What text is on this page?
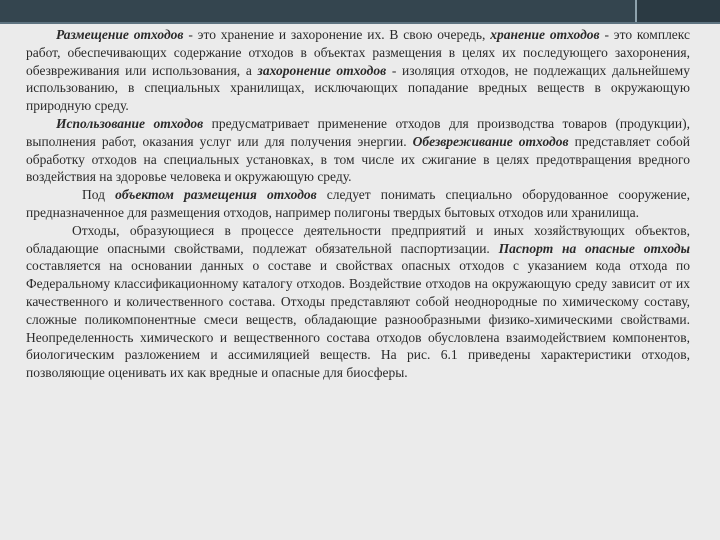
Размещение отходов - это хранение и захоронение их. В свою очередь, хранение отходов - это комплекс работ, обеспечивающих содержание отходов в объектах размещения в целях их последующего захоронения, обезвреживания или использования, а захоронение отходов - изоляция отходов, не подлежащих дальнейшему использованию, в специальных хранилищах, исключающих попадание вредных веществ в окружающую природную среду.

Использование отходов предусматривает применение отходов для производства товаров (продукции), выполнения работ, оказания услуг или для получения энергии. Обезвреживание отходов представляет собой обработку отходов на специальных установках, в том числе их сжигание в целях предотвращения вредного воздействия на здоровье человека и окружающую среду.

Под объектом размещения отходов следует понимать специально оборудованное сооружение, предназначенное для размещения отходов, например полигоны твердых бытовых отходов или хранилища.

Отходы, образующиеся в процессе деятельности предприятий и иных хозяйствующих объектов, обладающие опасными свойствами, подлежат обязательной паспортизации. Паспорт на опасные отходы составляется на основании данных о составе и свойствах опасных отходов с указанием кода отхода по Федеральному классификационному каталогу отходов. Воздействие отходов на окружающую среду зависит от их качественного и количественного состава. Отходы представляют собой неоднородные по химическому составу, сложные поликомпонентные смеси веществ, обладающие разнообразными физико-химическими свойствами. Неопределенность химического и вещественного состава отходов обусловлена взаимодействием компонентов, биологическим разложением и ассимиляцией веществ. На рис. 6.1 приведены характеристики отходов, позволяющие оценивать их как вредные и опасные для биосферы.
